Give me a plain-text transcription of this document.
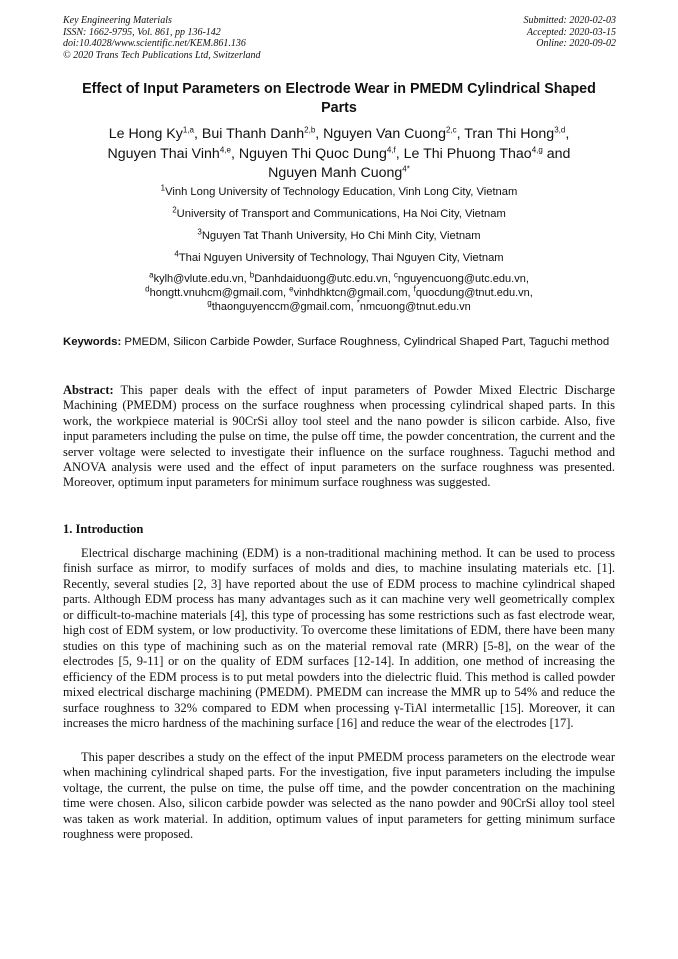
Key Engineering Materials
ISSN: 1662-9795, Vol. 861, pp 136-142
doi:10.4028/www.scientific.net/KEM.861.136
© 2020 Trans Tech Publications Ltd, Switzerland
Submitted: 2020-02-03
Accepted: 2020-03-15
Online: 2020-09-02
Effect of Input Parameters on Electrode Wear in PMEDM Cylindrical Shaped Parts
Le Hong Ky$^{1,a}$, Bui Thanh Danh$^{2,b}$, Nguyen Van Cuong$^{2,c}$, Tran Thi Hong$^{3,d}$,
Nguyen Thai Vinh$^{4,e}$, Nguyen Thi Quoc Dung$^{4,f}$, Le Thi Phuong Thao$^{4,g}$ and
Nguyen Manh Cuong$^{4*}$
$^1$Vinh Long University of Technology Education, Vinh Long City, Vietnam
$^2$University of Transport and Communications, Ha Noi City, Vietnam
$^3$Nguyen Tat Thanh University, Ho Chi Minh City, Vietnam
$^4$Thai Nguyen University of Technology, Thai Nguyen City, Vietnam
$^a$kylh@vlute.edu.vn, $^b$Danhdaiduong@utc.edu.vn, $^c$nguyencuong@utc.edu.vn,
$^d$hongtt.vnuhcm@gmail.com, $^e$vinhdhktcn@gmail.com, $^f$quocdung@tnut.edu.vn,
$^g$thaonguyenccm@gmail.com, *nmcuong@tnut.edu.vn
Keywords: PMEDM, Silicon Carbide Powder, Surface Roughness, Cylindrical Shaped Part, Taguchi method
Abstract: This paper deals with the effect of input parameters of Powder Mixed Electric Discharge Machining (PMEDM) process on the surface roughness when processing cylindrical shaped parts. In this work, the workpiece material is 90CrSi alloy tool steel and the nano powder is silicon carbide. Also, five input parameters including the pulse on time, the pulse off time, the powder concentration, the current and the server voltage were selected to investigate their influence on the surface roughness. Taguchi method and ANOVA analysis were used and the effect of input parameters on the surface roughness was presented. Moreover, optimum input parameters for minimum surface roughness was suggested.
1. Introduction
Electrical discharge machining (EDM) is a non-traditional machining method. It can be used to process finish surface as mirror, to modify surfaces of molds and dies, to machine insulating materials etc. [1]. Recently, several studies [2, 3] have reported about the use of EDM process to machine cylindrical shaped parts. Although EDM process has many advantages such as it can machine very well geometrically complex or difficult-to-machine materials [4], this type of processing has some restrictions such as fast electrode wear, high cost of EDM system, or low productivity. To overcome these limitations of EDM, there have been many studies on this type of machining such as on the material removal rate (MRR) [5-8], on the wear of the electrodes [5, 9-11] or on the quality of EDM surfaces [12-14]. In addition, one method of increasing the efficiency of the EDM process is to put metal powders into the dielectric fluid. This method is called powder mixed electrical discharge machining (PMEDM). PMEDM can increase the MMR up to 54% and reduce the surface roughness to 32% compared to EDM when processing γ-TiAl intermetallic [15]. Moreover, it can increases the micro hardness of the machining surface [16] and reduce the wear of the electrodes [17].
This paper describes a study on the effect of the input PMEDM process parameters on the electrode wear when machining cylindrical shaped parts. For the investigation, five input parameters including the impulse voltage, the current, the pulse on time, the pulse off time, and the powder concentration on the machining time were chosen. Also, silicon carbide powder was selected as the nano powder and 90CrSi alloy tool steel was taken as work material. In addition, optimum values of input parameters for getting minimum surface roughness were proposed.
